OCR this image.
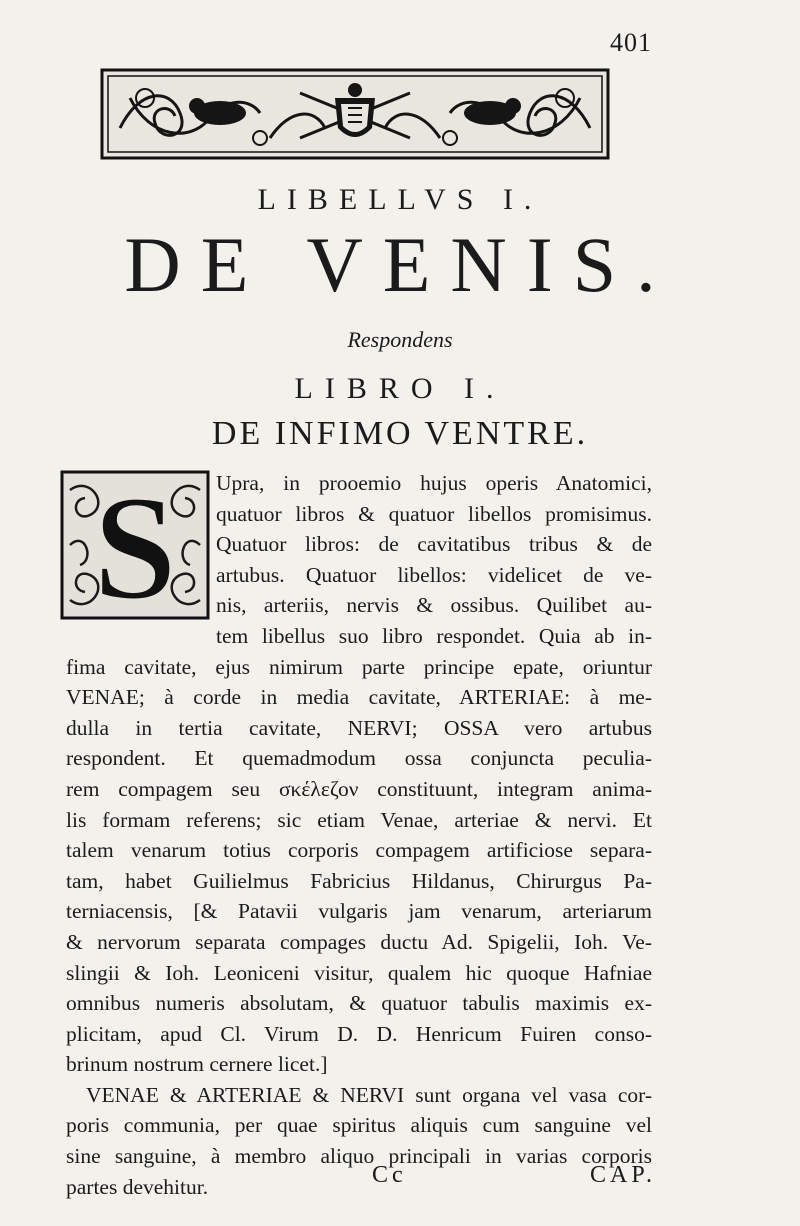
401
LIBELLVS I.
DE VENIS.
Respondens
LIBRO I.
DE INFIMO VENTRE.
S	Upra, in prooemio hujus operis Anatomici,
quatuor libros & quatuor libellos promisimus.
Quatuor libros: de cavitatibus tribus & de
artubus. Quatuor libellos: videlicet de ve-
nis, arteriis, nervis & ossibus. Quilibet au-
tem libellus suo libro respondet. Quia ab in-
fima cavitate, ejus nimirum parte principe epate, oriuntur
VENAE; à corde in media cavitate, ARTERIAE: à me-
dulla in tertia cavitate, NERVI; OSSA vero artubus
respondent. Et quemadmodum ossa conjuncta peculia-
rem compagem seu σκέλεζον constituunt, integram anima-
lis formam referens; sic etiam Venae, arteriae & nervi. Et
talem venarum totius corporis compagem artificiose separa-
tam, habet Guilielmus Fabricius Hildanus, Chirurgus Pa-
terniacensis, [& Patavii vulgaris jam venarum, arteriarum
& nervorum separata compages ductu Ad. Spigelii, Ioh. Ve-
slingii & Ioh. Leoniceni visitur, qualem hic quoque Hafniae
omnibus numeris absolutam, & quatuor tabulis maximis ex-
plicitam, apud Cl. Virum D. D. Henricum Fuiren conso-
brinum nostrum cernere licet.]
VENAE & ARTERIAE & NERVI sunt organa vel vasa cor-
poris communia, per quae spiritus aliquis cum sanguine vel
sine sanguine, à membro aliquo principali in varias corporis
partes devehitur.	Cc	CAP.
